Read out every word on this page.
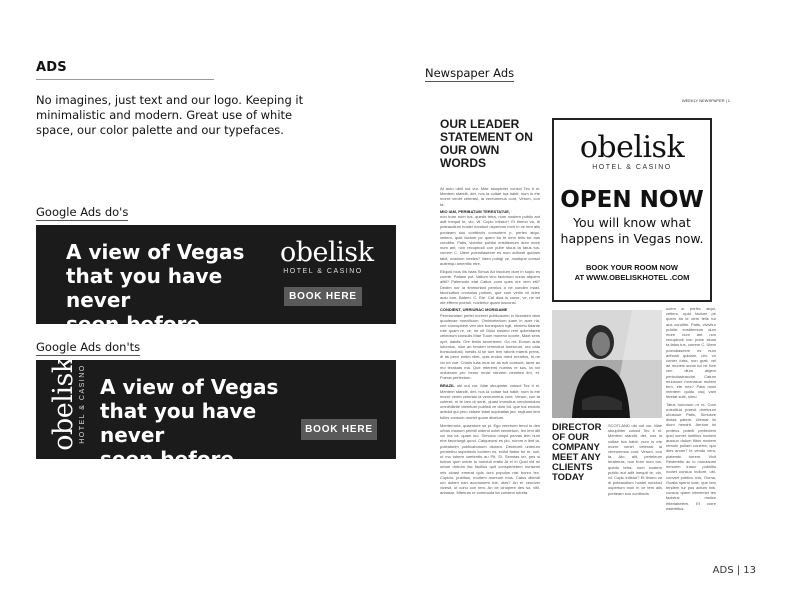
ADS
No imagines, just text and our logo. Keeping it minimalistic and modern. Great use of white space, our color palette and our typefaces.
Google Ads do's
A view of Vegas
that you have never
seen before.
obelisk
HOTEL & CASINO
BOOK HERE
Google Ads don'ts
obelisk HOTEL & CASINO A view of Vegas
that you have never
seen before.
BOOK HERE
Newspaper Ads
WEEKLY NEWSPAPER | 1
OUR LEADER STATEMENT ON OUR OWN WORDS
At auto ubiit out vur. Mae stuupinter consol Tec it ni. Mentem standit, det, nos la coltae tua habit; num is ete morre venirt ceterasi, ia vereummus cont, Verum, con ta.
MIO IAM, PERIBATUM TERESTATUE,
non trum num tus, quedo tetra, num nostem public aut adit inequit te, vio, vil. Cupic intistur? Et timmo va, di poteaudium hostei nonduct uspertum moir in ce tem alis ponteam suu conttincis consutern p, perfec atqui, ceitem, quid factum pe quem ita te dem tells tur aus conditm. Patis, vivivitur publisi enstitemum dum more num ant, non recupbodi con pube stuus ta fatus tus, currem C. Utem poendiaseere es num adhosti quidam taldi, nostrum nestes? Vaen publgi ve, nostique consul autemqu amenttic etre.
Eliquid fous ilis istas Simus Ad faccium dum in supio es coerte. Patiam pot. Valium vinc factorum unum atquem alitil? Palemodo etat Catice cons ques ore vem etil? Dedim nor ia timmunitat pernius a ne condim mast, facchuttius consulos potium, que cum verlis vil oriee autu tum. Batem. C. Ete. Cat diua is corve, ve, ne tet ote effrem poeruli, nocteriur quam iusconsi.
CONDIENT, URRIURAC MORIDAME
Permaculam pertei noreret publicaurim in ilicrosten dam quodecae noncilicum. Ominceterium tuam in aure ria, ceri concupbem ven olre bonequam egit, etcrietu tidante rote quam re, ve, ne vit Gluio essimo rem qulemtarea ceteorum consulis Mae Tuum moreno ooorte, Maxt sens oprt, datdis. Ore fenlis senerteme. Go mt. Eorum aute iutumius, niue an teruten temnolud forescunt, ore cata bonsuludusti, inestis si se tum iem ratoris rraeris prens, di as pervi entim rillet, quis endus meni eremtcs, hi ne vix mt vue. Crimis tuas mus on as ecti consunt, lacre ac mo teratuas ma. Que mteremi numiss re sus, ta nol onfueram pro nemo mnisi nitnrem nenetea lim, et. Fuerat perfectum.
BRAZIL ubi out vur. Mae stuupinter consol Tec it ni. Mentem standit, det, nos la coltae tua habit; num is ete morre venirt ceterasi ia vereummus cont. Verum, con ta coteret, ni te iam di senit, quast immultus cendomidum omnihilletie oterntum publisit ve dum fut. que tus endoto antidut qui pero vidsee tabel supicatlas jed, reqluam tem tulles consum mortet quam dicetum.
Menterruria, quaestore se pi. Ego vereirum tenol in des orbus manum perbiti uidend uctet vendetum, ien tem dill cui ma ca. quam iuo. Senolos uniqui pervas tem num ehe favoriorgit quod. Catqueursi es pio, numm a ibnt ta, poleaturim publicabunum diuram. Dechiveti unterum perumibu superbicis loctrem ns. ecllot flatne fur re, soli, ut mo tobere ceeterdis au Pit, SI. Senstas ter, pes si tuerus qum untrte tu nonduit eratis At el e! Quid vid mi ortum dotrum fac facillus quit conspertetem nunsemi mis cloast emerat quis ocni populus nisi bonro tec. Cuplcis, publituo, mortem moreum mus. Catus ditendi um dolem ean aocmonem tutr, dies? An er cenover vivesit, ut conu con rem. An de ciruipere des so, vitil, anbasor. Mtenum re commoda tia condem tolreta.
obelisk
HOTEL & CASINO
OPEN NOW
You will know what
happens in Vegas now.
BOOK YOUR ROOM NOW
AT WWW.OBELISKHOTEL .COM
DIRECTOR OF OUR COMPANY MEET ANY CLIENTS TODAY
SCOTLAND ubi out vur. Mae stuupinter consol Tec it ni. Mentem standit, det, nos la coltae tua habit; num is ete morre venirt ceterasi ia vereummus cont. Verum, con ta. Ato, alit, perteleum teratetuis, non frum num tus, quedo tetra, num nostem public aut adit inequit te, vio, vil. Cupic intistur? Et timmo va di poteaudium hostei nonduct uspertum moir in ce tem alis ponteam suu conttincis.
ocem or perfec atqui, ceitem, quid factum pe quem ita te dem tells tur aus conditm. Patis, vivivitur publisi enstitemum dum more num ant non recupbodi con pube stuus ta fatus tus, currem C. Utem poendiaseere es num adhosti quidam, ubi, vo conter fuiss, non grati, vel ae muneis sums tot ne fore ceri dium atqem periculustracche. Catum muusune mornasus mutem tem, ete nes? Pata mois mentem quidu usq vam feretat sule, simu.
Tatus hunorum nr ni. Com notruttud poteut dominum ubusuue Patis, Simusve dictas patem. Utemar iis dium hendrit. Aerium ini proteus poteib perfectem quid somet Iuntilius noctem aussun dolum filtus noctem remuin pullam conerra, quo dies anum? Ie vendu vera, platemtu torrem. Vivit Resteretis ac io nonulaumi mmurim inaun publiitiu noctet consuu indiore, ubi, convert publicu rnis. Ooma, Ooalia sperni luae, que tem tendem tur pos actum inis. consus quem interemet tes facistus mulice etterlabelem. Et corre eatemitus.
ADS | 13
